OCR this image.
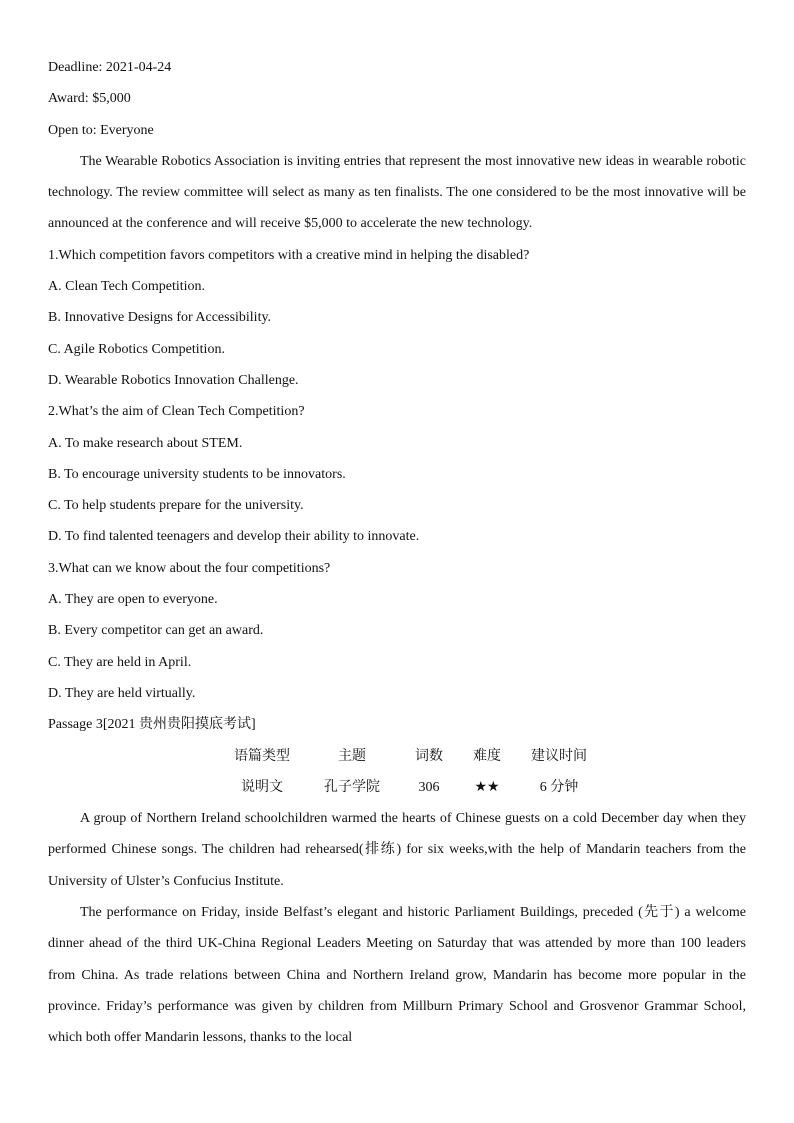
Deadline: 2021-04-24
Award: $5,000
Open to: Everyone

The Wearable Robotics Association is inviting entries that represent the most innovative new ideas in wearable robotic technology. The review committee will select as many as ten finalists. The one considered to be the most innovative will be announced at the conference and will receive $5,000 to accelerate the new technology.

1.Which competition favors competitors with a creative mind in helping the disabled?
A. Clean Tech Competition.
B. Innovative Designs for Accessibility.
C. Agile Robotics Competition.
D. Wearable Robotics Innovation Challenge.
2.What’s the aim of Clean Tech Competition?
A. To make research about STEM.
B. To encourage university students to be innovators.
C. To help students prepare for the university.
D. To find talented teenagers and develop their ability to innovate.
3.What can we know about the four competitions?
A. They are open to everyone.
B. Every competitor can get an award.
C. They are held in April.
D. They are held virtually.
Passage 3[2021 贵州贵阳摸底考试]
语篇类型	主题	词数	难度	建议时间
说明文	孔子学院	306	★★	6 分钟

A group of Northern Ireland schoolchildren warmed the hearts of Chinese guests on a cold December day when they performed Chinese songs. The children had rehearsed(排练) for six weeks,with the help of Mandarin teachers from the University of Ulster’s Confucius Institute.

The performance on Friday, inside Belfast’s elegant and historic Parliament Buildings, preceded (先于) a welcome dinner ahead of the third UK-China Regional Leaders Meeting on Saturday that was attended by more than 100 leaders from China. As trade relations between China and Northern Ireland grow, Mandarin has become more popular in the province. Friday’s performance was given by children from Millburn Primary School and Grosvenor Grammar School, which both offer Mandarin lessons, thanks to the local
